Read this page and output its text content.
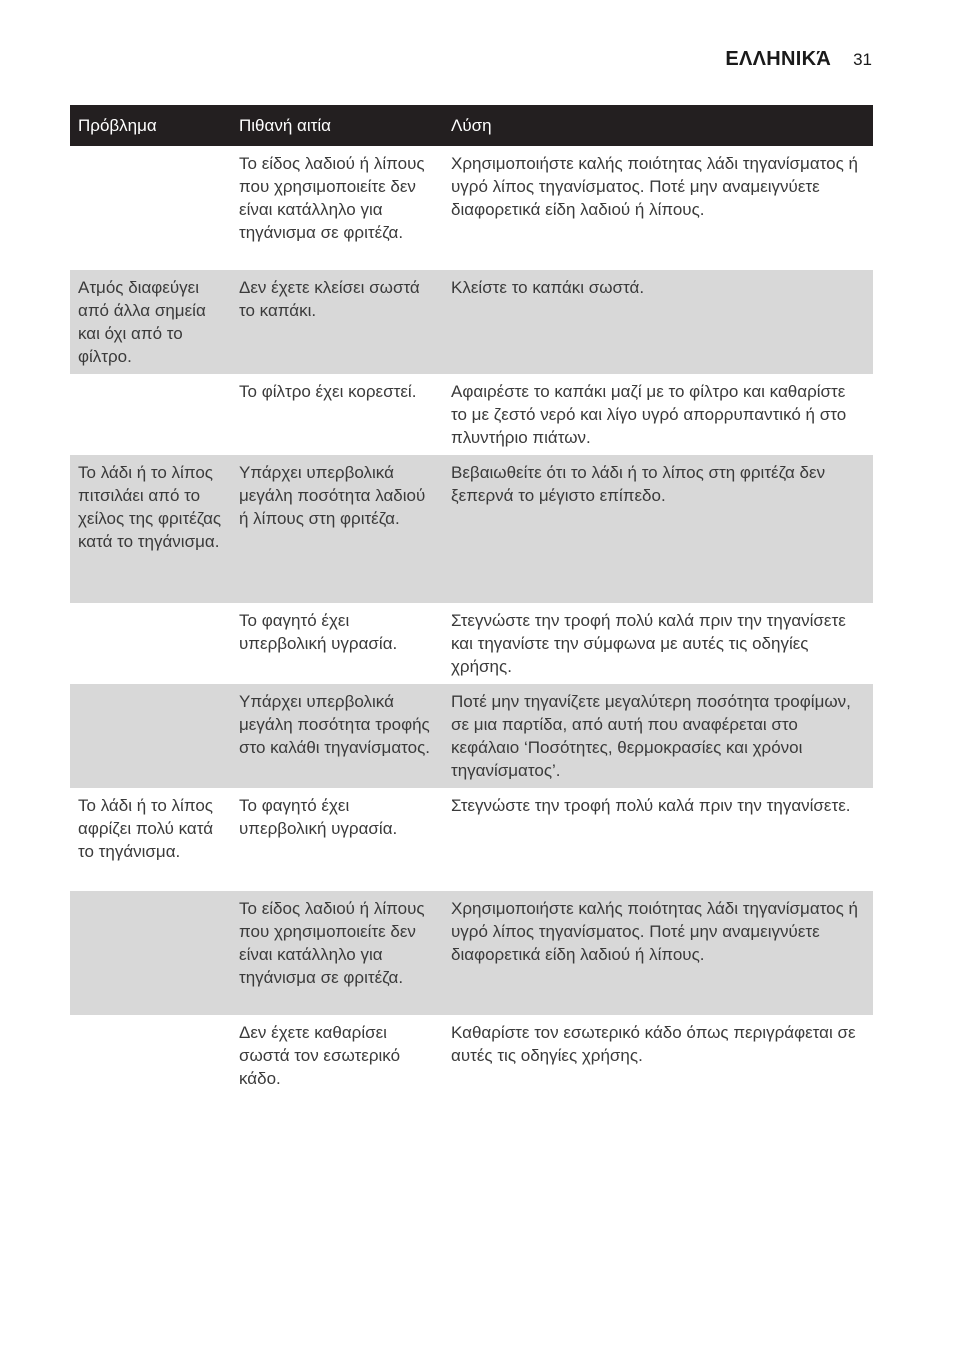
ΕΛΛΗΝΙΚΆ 31
Πρόβλημα	Πιθανή αιτία	Λύση
	Το είδος λαδιού ή λίπους που χρησιμοποιείτε δεν είναι κατάλληλο για τηγάνισμα σε φριτέζα.	Χρησιμοποιήστε καλής ποιότητας λάδι τηγανίσματος ή υγρό λίπος τηγανίσματος. Ποτέ μην αναμειγνύετε διαφορετικά είδη λαδιού ή λίπους.
Ατμός διαφεύγει από άλλα σημεία και όχι από το φίλτρο.	Δεν έχετε κλείσει σωστά το καπάκι.	Κλείστε το καπάκι σωστά.
	Το φίλτρο έχει κορεστεί.	Αφαιρέστε το καπάκι μαζί με το φίλτρο και καθαρίστε το με ζεστό νερό και λίγο υγρό απορρυπαντικό ή στο πλυντήριο πιάτων.
Το λάδι ή το λίπος πιτσιλάει από το χείλος της φριτέζας κατά το τηγάνισμα.	Υπάρχει υπερβολικά μεγάλη ποσότητα λαδιού ή λίπους στη φριτέζα.	Βεβαιωθείτε ότι το λάδι ή το λίπος στη φριτέζα δεν ξεπερνά το μέγιστο επίπεδο.
	Το φαγητό έχει υπερβολική υγρασία.	Στεγνώστε την τροφή πολύ καλά πριν την τηγανίσετε και τηγανίστε την σύμφωνα με αυτές τις οδηγίες χρήσης.
	Υπάρχει υπερβολικά μεγάλη ποσότητα τροφής στο καλάθι τηγανίσματος.	Ποτέ μην τηγανίζετε μεγαλύτερη ποσότητα τροφίμων, σε μια παρτίδα, από αυτή που αναφέρεται στο κεφάλαιο ‘Ποσότητες, θερμοκρασίες και χρόνοι τηγανίσματος’.
Το λάδι ή το λίπος αφρίζει πολύ κατά το τηγάνισμα.	Το φαγητό έχει υπερβολική υγρασία.	Στεγνώστε την τροφή πολύ καλά πριν την τηγανίσετε.
	Το είδος λαδιού ή λίπους που χρησιμοποιείτε δεν είναι κατάλληλο για τηγάνισμα σε φριτέζα.	Χρησιμοποιήστε καλής ποιότητας λάδι τηγανίσματος ή υγρό λίπος τηγανίσματος. Ποτέ μην αναμειγνύετε διαφορετικά είδη λαδιού ή λίπους.
	Δεν έχετε καθαρίσει σωστά τον εσωτερικό κάδο.	Καθαρίστε τον εσωτερικό κάδο όπως περιγράφεται σε αυτές τις οδηγίες χρήσης.
